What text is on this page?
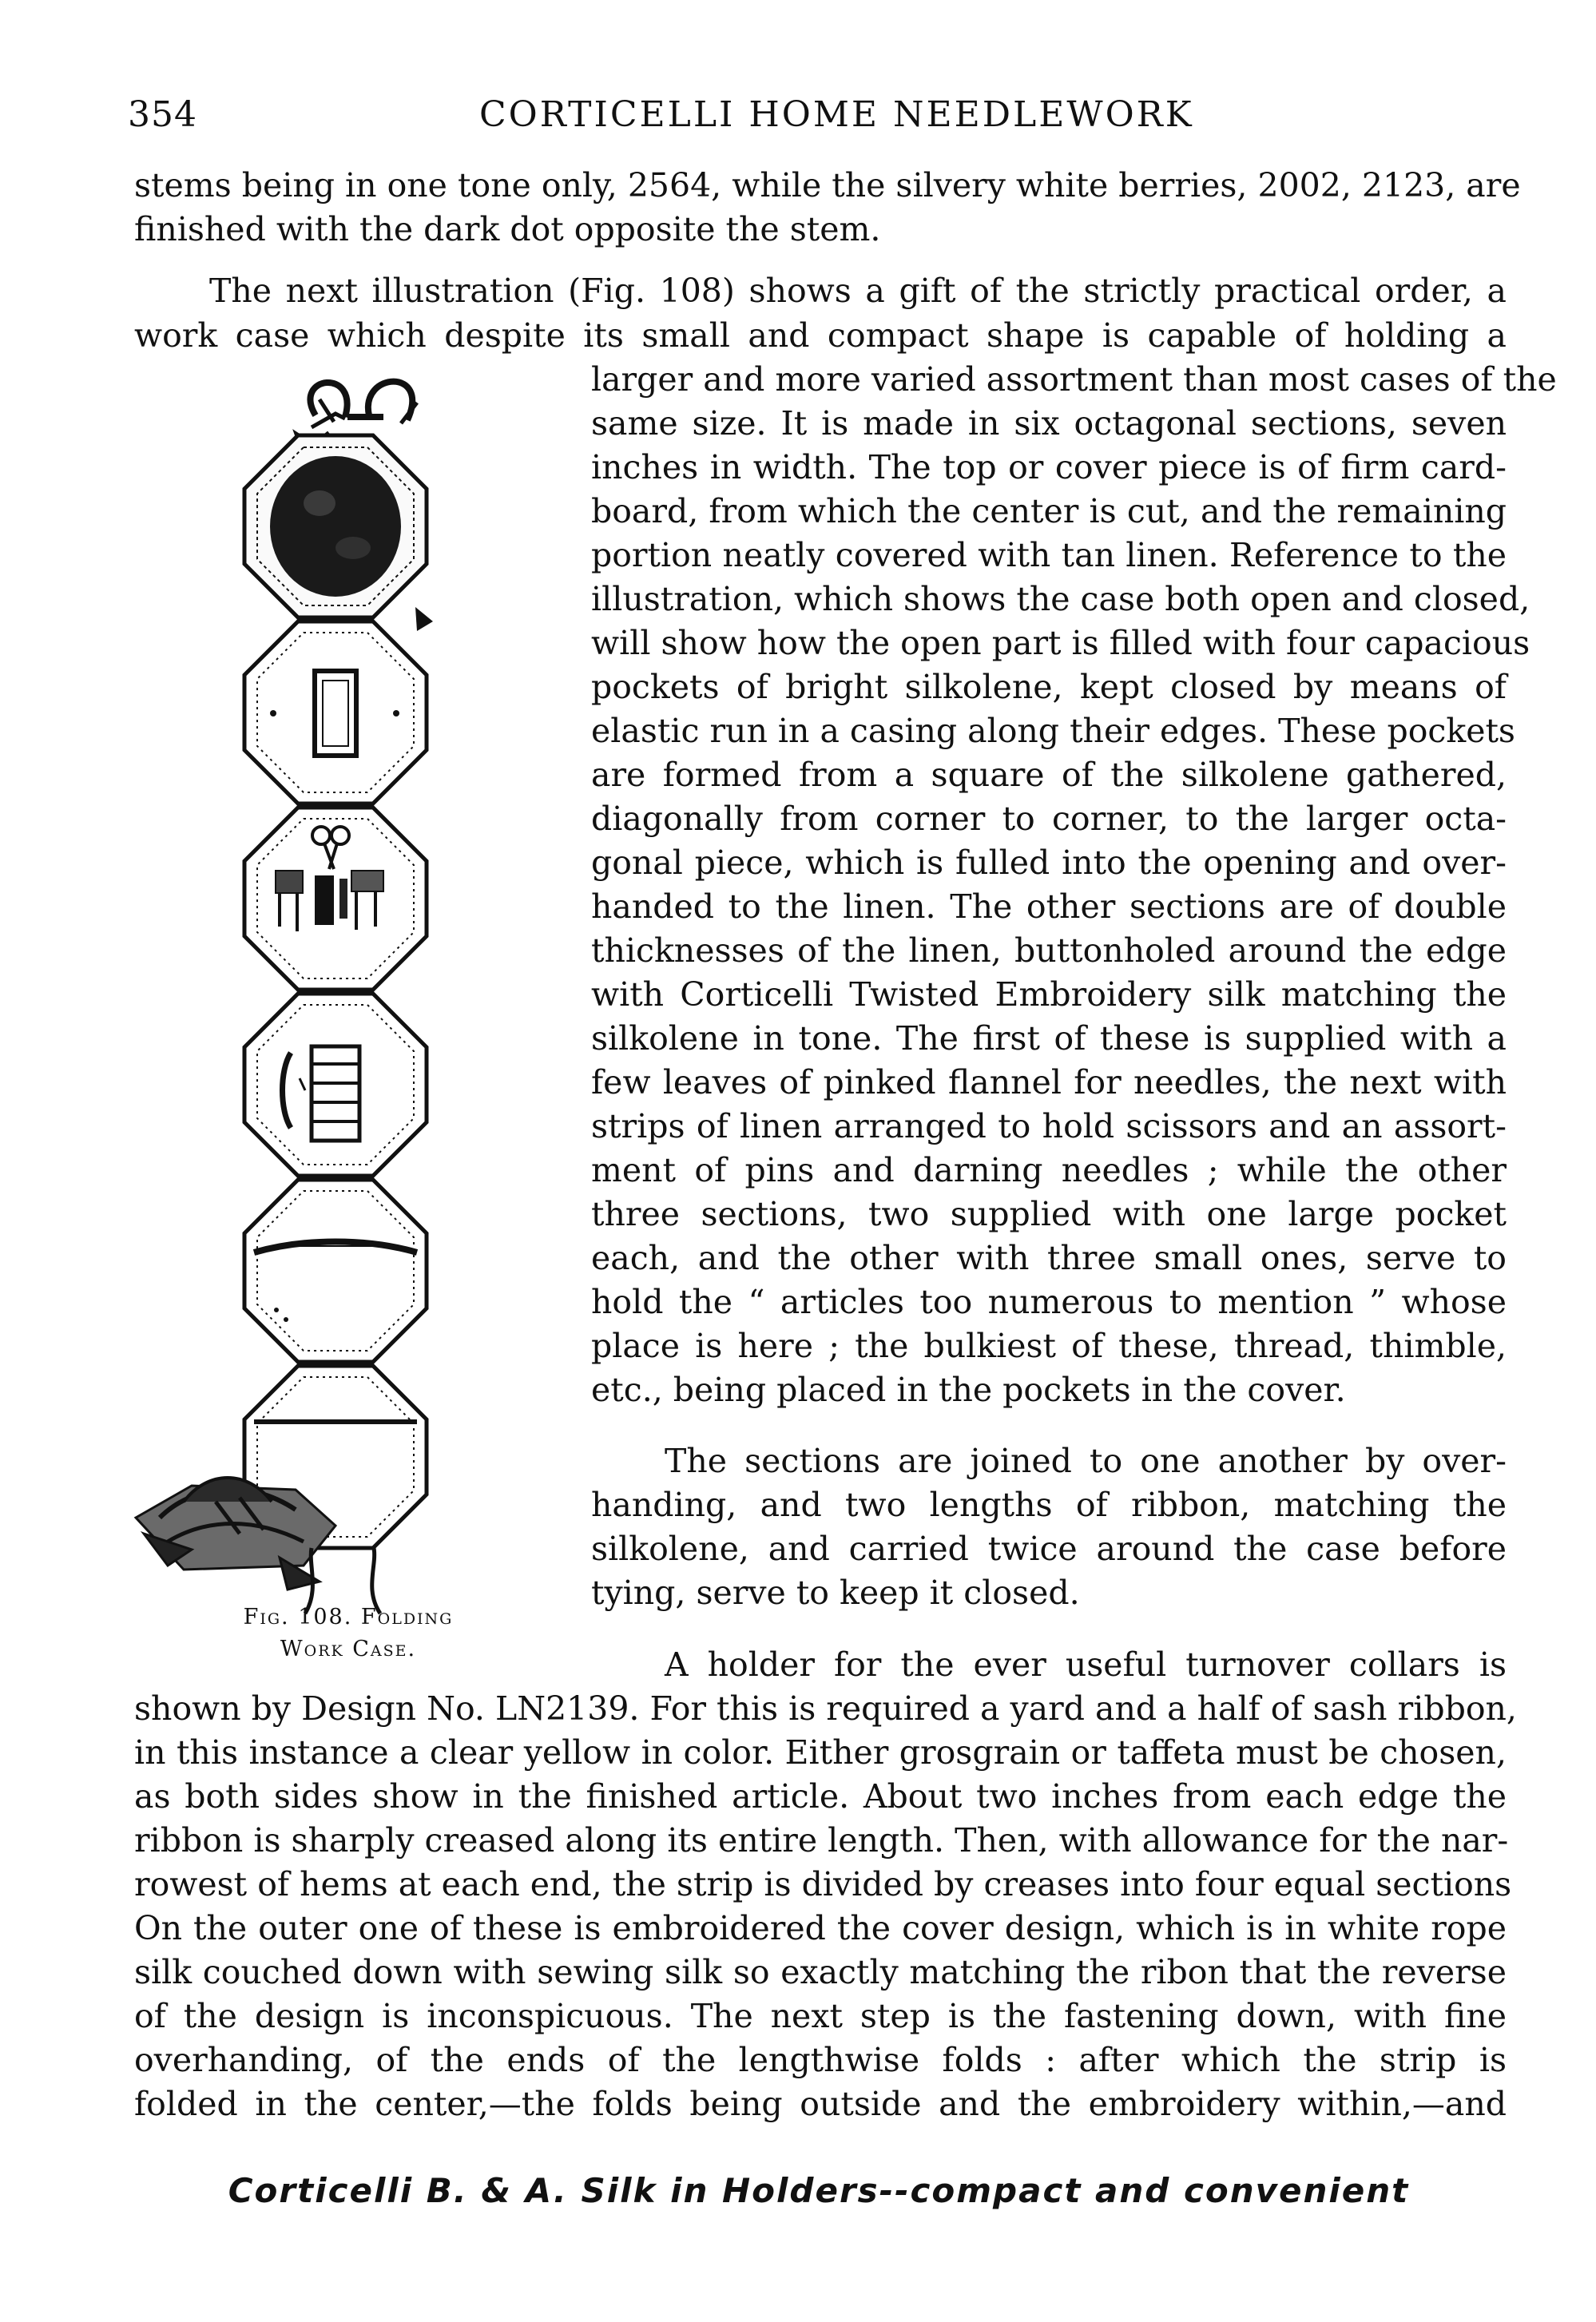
354	CORTICELLI HOME NEEDLEWORK
stems being in one tone only, 2564, while the silvery white berries, 2002, 2123, are
finished with the dark dot opposite the stem.
The next illustration (Fig. 108) shows a gift of the strictly practical order, a
work case which despite its small and compact shape is capable of holding a
larger and more varied assortment than most cases of the
same size. It is made in six octagonal sections, seven
inches in width. The top or cover piece is of firm card-
board, from which the center is cut, and the remaining
portion neatly covered with tan linen. Reference to the
illustration, which shows the case both open and closed,
will show how the open part is filled with four capacious
pockets of bright silkolene, kept closed by means of
elastic run in a casing along their edges. These pockets
are formed from a square of the silkolene gathered,
diagonally from corner to corner, to the larger octa-
gonal piece, which is fulled into the opening and over-
handed to the linen. The other sections are of double
thicknesses of the linen, buttonholed around the edge
with Corticelli Twisted Embroidery silk matching the
silkolene in tone. The first of these is supplied with a
few leaves of pinked flannel for needles, the next with
strips of linen arranged to hold scissors and an assort-
ment of pins and darning needles ; while the other
three sections, two supplied with one large pocket
each, and the other with three small ones, serve to
hold the “ articles too numerous to mention ” whose
place is here ; the bulkiest of these, thread, thimble,
etc., being placed in the pockets in the cover.
The sections are joined to one another by over-
handing, and two lengths of ribbon, matching the
silkolene, and carried twice around the case before
tying, serve to keep it closed.
A holder for the ever useful turnover collars is
shown by Design No. LN2139. For this is required a yard and a half of sash ribbon,
in this instance a clear yellow in color. Either grosgrain or taffeta must be chosen,
as both sides show in the finished article. About two inches from each edge the
ribbon is sharply creased along its entire length. Then, with allowance for the nar-
rowest of hems at each end, the strip is divided by creases into four equal sections
On the outer one of these is embroidered the cover design, which is in white rope
silk couched down with sewing silk so exactly matching the ribon that the reverse
of the design is inconspicuous. The next step is the fastening down, with fine
overhanding, of the ends of the lengthwise folds : after which the strip is
folded in the center,—the folds being outside and the embroidery within,—and
Fig. 108. Folding
Work Case.
Corticelli B. & A. Silk in Holders--compact and convenient
